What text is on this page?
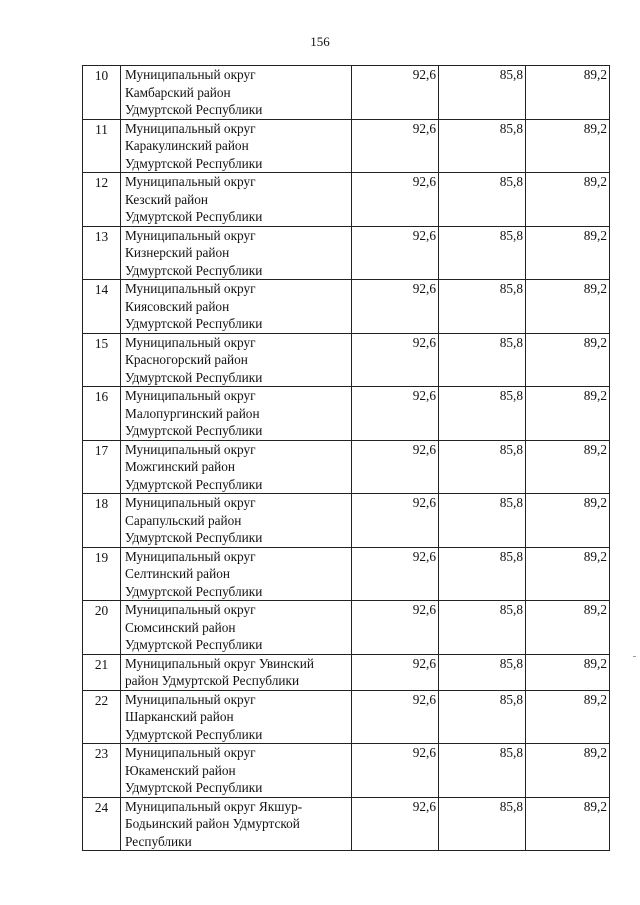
156
10	Муниципальный округ
Камбарский район
Удмуртской Республики	92,6	85,8	89,2
11	Муниципальный округ
Каракулинский район
Удмуртской Республики	92,6	85,8	89,2
12	Муниципальный округ
Кезский район
Удмуртской Республики	92,6	85,8	89,2
13	Муниципальный округ
Кизнерский район
Удмуртской Республики	92,6	85,8	89,2
14	Муниципальный округ
Киясовский район
Удмуртской Республики	92,6	85,8	89,2
15	Муниципальный округ
Красногорский район
Удмуртской Республики	92,6	85,8	89,2
16	Муниципальный округ
Малопургинский район
Удмуртской Республики	92,6	85,8	89,2
17	Муниципальный округ
Можгинский район
Удмуртской Республики	92,6	85,8	89,2
18	Муниципальный округ
Сарапульский район
Удмуртской Республики	92,6	85,8	89,2
19	Муниципальный округ
Селтинский район
Удмуртской Республики	92,6	85,8	89,2
20	Муниципальный округ
Сюмсинский район
Удмуртской Республики	92,6	85,8	89,2
21	Муниципальный округ Увинский
район Удмуртской Республики	92,6	85,8	89,2
22	Муниципальный округ
Шарканский район
Удмуртской Республики	92,6	85,8	89,2
23	Муниципальный округ
Юкаменский район
Удмуртской Республики	92,6	85,8	89,2
24	Муниципальный округ Якшур-
Бодьинский район Удмуртской
Республики	92,6	85,8	89,2
